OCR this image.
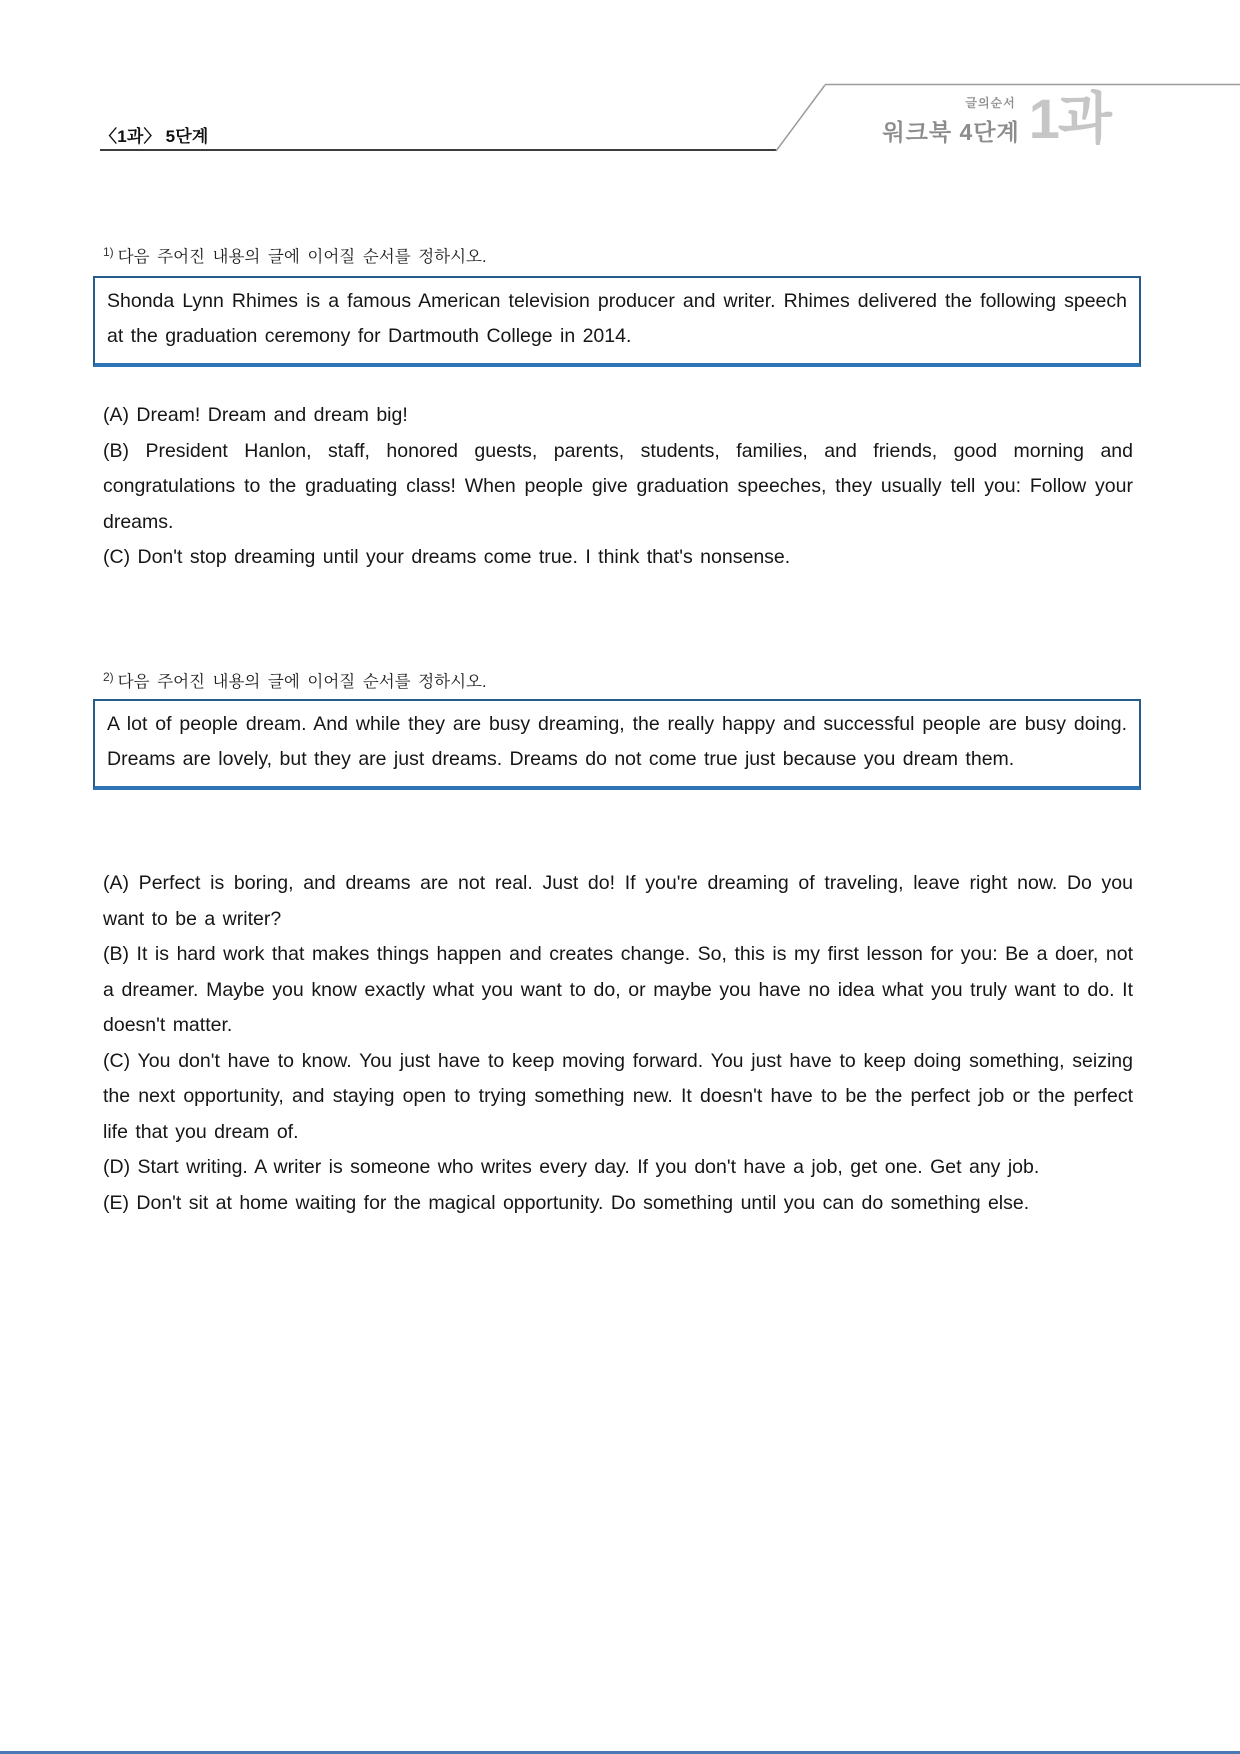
〈1과〉 5단계
글의순서
워크북 4단계 1과
$^{1)}$ 다음 주어진 내용의 글에 이어질 순서를 정하시오.
Shonda Lynn Rhimes is a famous American television producer and writer. Rhimes delivered the following speech at the graduation ceremony for Dartmouth College in 2014.

(A) Dream! Dream and dream big!

(B) President Hanlon, staff, honored guests, parents, students, families, and friends, good morning and congratulations to the graduating class! When people give graduation speeches, they usually tell you: Follow your dreams.

(C) Don't stop dreaming until your dreams come true. I think that's nonsense.

$^{2)}$ 다음 주어진 내용의 글에 이어질 순서를 정하시오.
A lot of people dream. And while they are busy dreaming, the really happy and successful people are busy doing. Dreams are lovely, but they are just dreams. Dreams do not come true just because you dream them.

(A) Perfect is boring, and dreams are not real. Just do! If you're dreaming of traveling, leave right now. Do you want to be a writer?

(B) It is hard work that makes things happen and creates change. So, this is my first lesson for you: Be a doer, not a dreamer. Maybe you know exactly what you want to do, or maybe you have no idea what you truly want to do. It doesn't matter.

(C) You don't have to know. You just have to keep moving forward. You just have to keep doing something, seizing the next opportunity, and staying open to trying something new. It doesn't have to be the perfect job or the perfect life that you dream of.

(D) Start writing. A writer is someone who writes every day. If you don't have a job, get one. Get any job.

(E) Don't sit at home waiting for the magical opportunity. Do something until you can do something else.
